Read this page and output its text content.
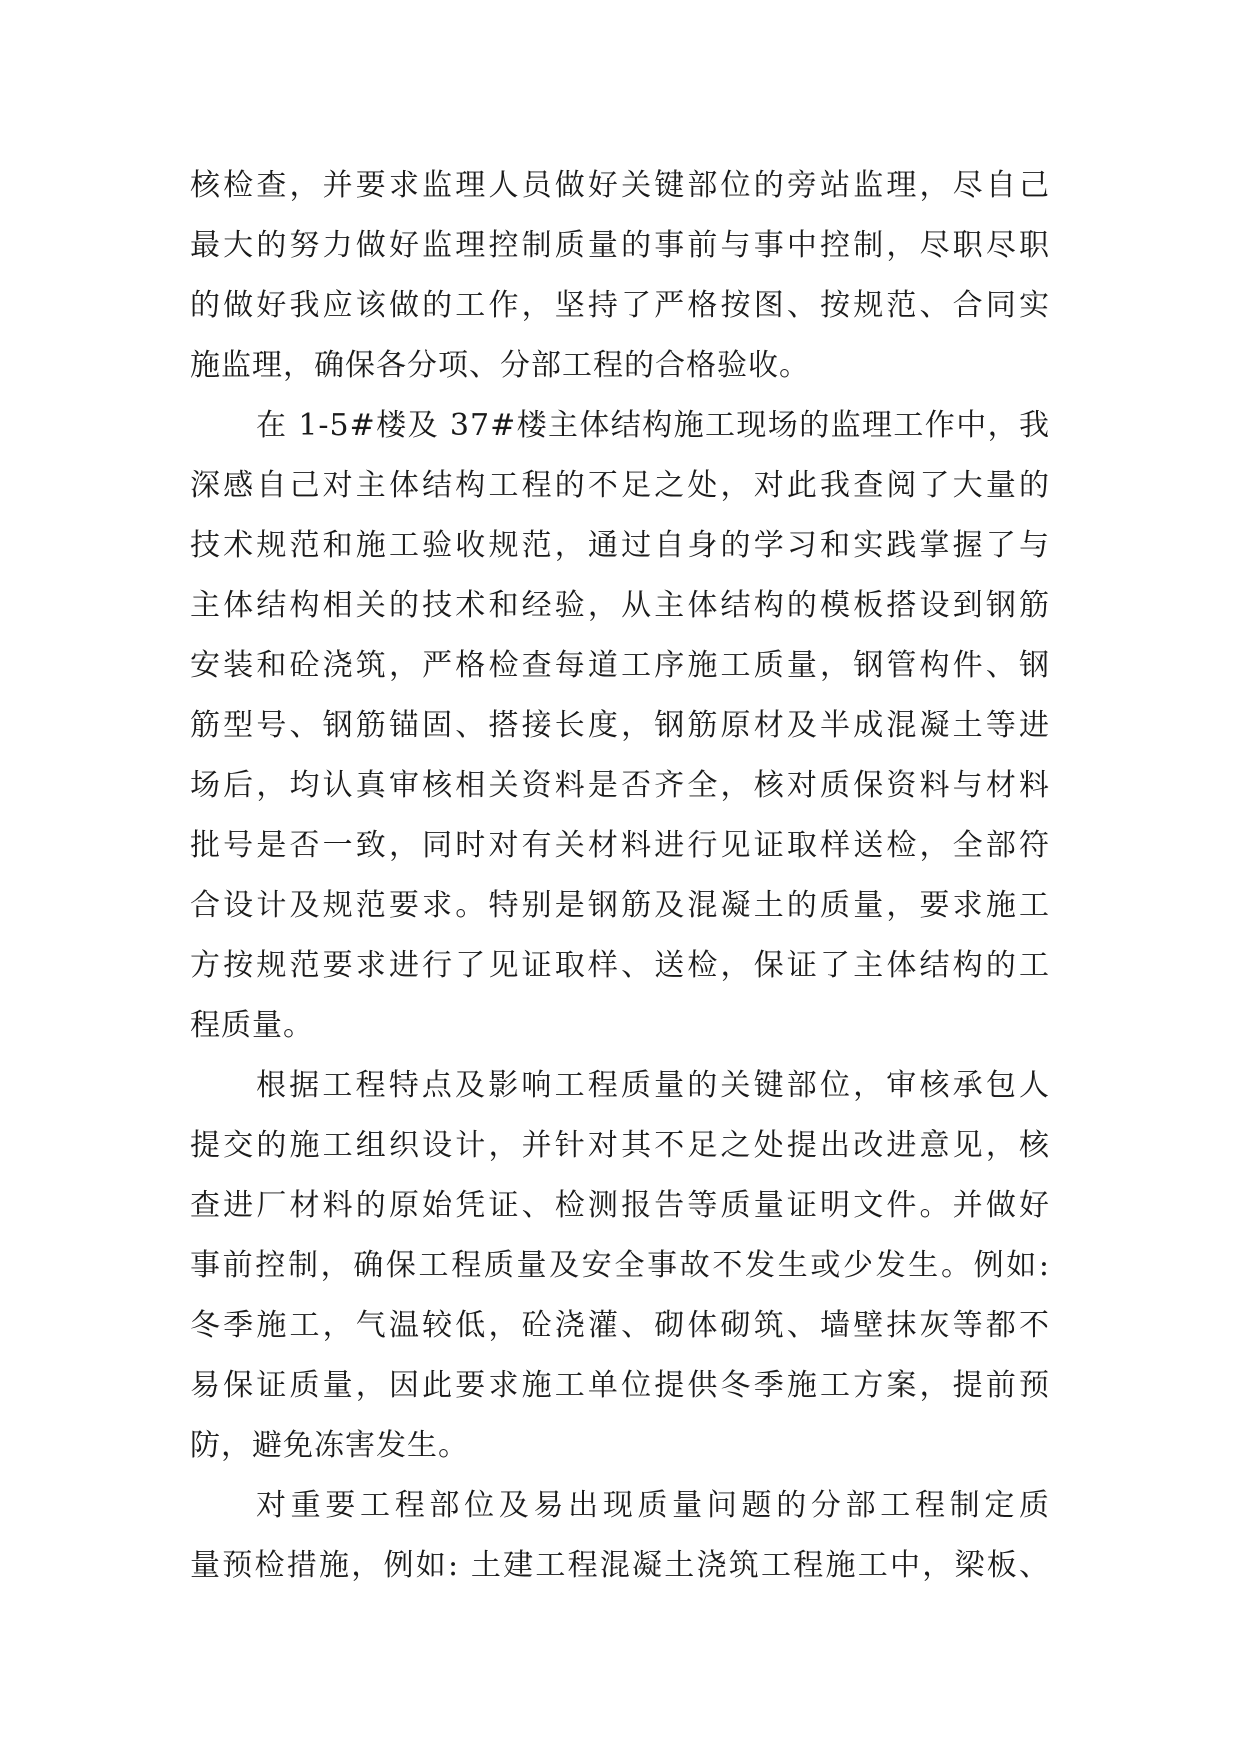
核检查，并要求监理人员做好关键部位的旁站监理，尽自己
最大的努力做好监理控制质量的事前与事中控制，尽职尽职
的做好我应该做的工作，坚持了严格按图、按规范、合同实
施监理，确保各分项、分部工程的合格验收。
在 1-5#楼及 37#楼主体结构施工现场的监理工作中，我
深感自己对主体结构工程的不足之处，对此我查阅了大量的
技术规范和施工验收规范，通过自身的学习和实践掌握了与
主体结构相关的技术和经验，从主体结构的模板搭设到钢筋
安装和砼浇筑，严格检查每道工序施工质量，钢管构件、钢
筋型号、钢筋锚固、搭接长度，钢筋原材及半成混凝土等进
场后，均认真审核相关资料是否齐全，核对质保资料与材料
批号是否一致，同时对有关材料进行见证取样送检，全部符
合设计及规范要求。特别是钢筋及混凝土的质量，要求施工
方按规范要求进行了见证取样、送检，保证了主体结构的工
程质量。
根据工程特点及影响工程质量的关键部位，审核承包人
提交的施工组织设计，并针对其不足之处提出改进意见，核
查进厂材料的原始凭证、检测报告等质量证明文件。并做好
事前控制，确保工程质量及安全事故不发生或少发生。例如:
冬季施工，气温较低，砼浇灌、砌体砌筑、墙壁抹灰等都不
易保证质量，因此要求施工单位提供冬季施工方案，提前预
防，避免冻害发生。
对重要工程部位及易出现质量问题的分部工程制定质
量预检措施，例如: 土建工程混凝土浇筑工程施工中，梁板、
